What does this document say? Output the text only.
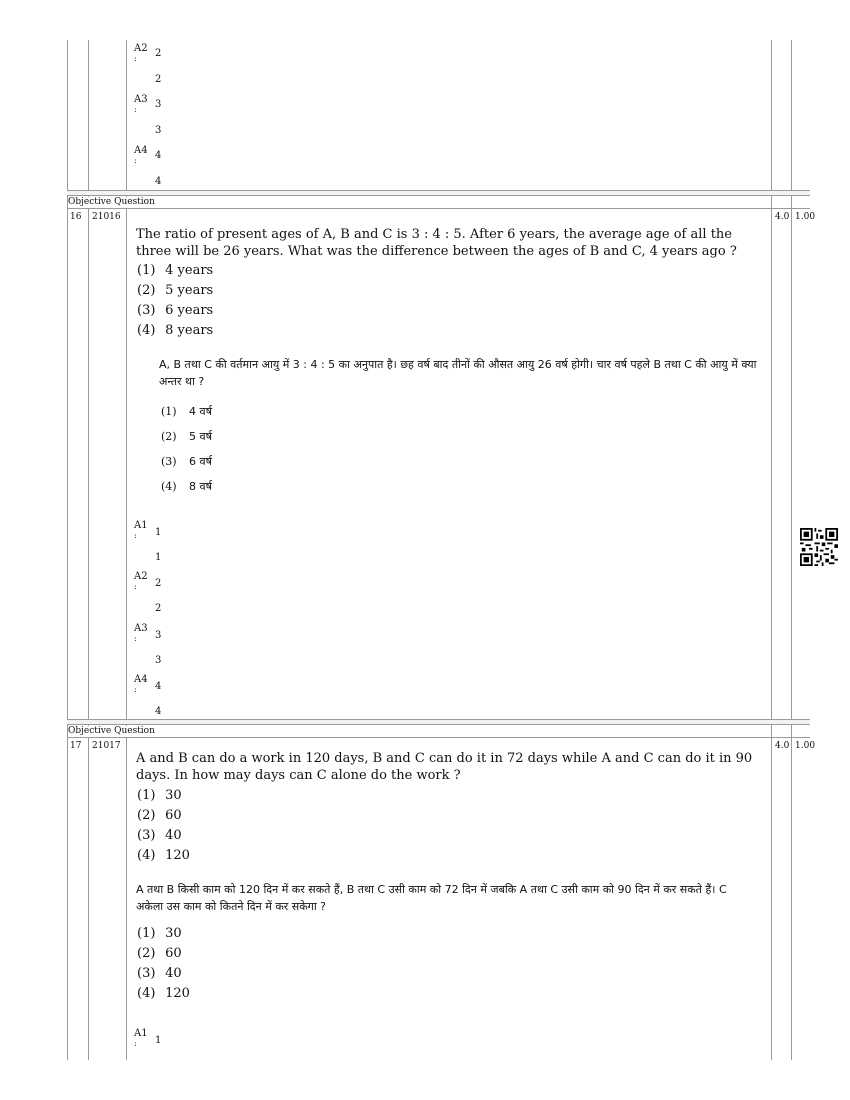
A2
: 2
2
A3
: 3
3
A4
: 4
4
Objective Question
16 21016	4.0 1.00
The ratio of present ages of A, B and C is 3 : 4 : 5. After 6 years, the average age of all the three will be 26 years. What was the difference between the ages of B and C, 4 years ago ?
(1) 4 years
(2) 5 years
(3) 6 years
(4) 8 years
A, B तथा C की वर्तमान आयु में 3 : 4 : 5 का अनुपात है। छह वर्ष बाद तीनों की औसत आयु 26 वर्ष होगी। चार वर्ष पहले B तथा C की आयु में क्या अन्तर था ?
(1) 4 वर्ष
(2) 5 वर्ष
(3) 6 वर्ष
(4) 8 वर्ष
A1
: 1
1
A2
: 2
2
A3
: 3
3
A4
: 4
4
Objective Question
17 21017	4.0 1.00
A and B can do a work in 120 days, B and C can do it in 72 days while A and C can do it in 90 days. In how may days can C alone do the work ?
(1) 30
(2) 60
(3) 40
(4) 120
A तथा B किसी काम को 120 दिन में कर सकते हैं, B तथा C उसी काम को 72 दिन में जबकि A तथा C उसी काम को 90 दिन में कर सकते हैं। C अकेला उस काम को कितने दिन में कर सकेगा ?
(1) 30
(2) 60
(3) 40
(4) 120
A1
: 1
